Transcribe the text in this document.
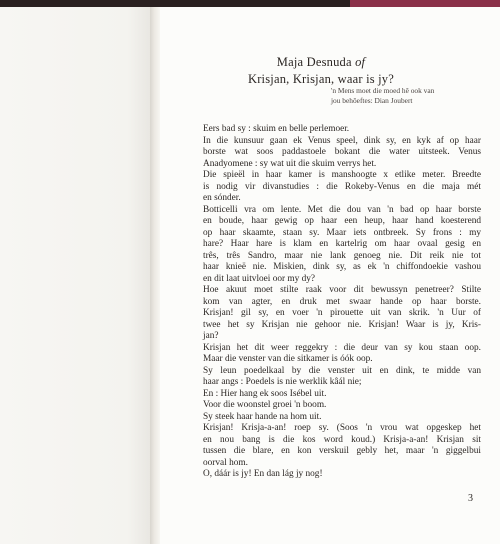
Maja Desnuda of
Krisjan, Krisjan, waar is jy?
'n Mens moet die moed hê ook van
jou behôeftes: Dian Joubert
Eers bad sy : skuim en belle perlemoer.
In die kunsuur gaan ek Venus speel, dink sy, en kyk af op haar
borste wat soos paddastoele bokant die water uitsteek. Venus
Anadyomene : sy wat uit die skuim verrys het.
Die spieël in haar kamer is manshoogte x etlike meter. Breedte
is nodig vir divanstudies : die Rokeby-Venus en die maja mét
en sónder.
Botticelli vra om lente. Met die dou van 'n bad op haar borste
en boude, haar gewig op haar een heup, haar hand koesterend
op haar skaamte, staan sy. Maar iets ontbreek. Sy frons : my
hare? Haar hare is klam en kartelrig om haar ovaal gesig en
três, três Sandro, maar nie lank genoeg nie. Dit reik nie tot
haar knieë nie. Miskien, dink sy, as ek 'n chiffondoekie vashou
en dit laat uitvloei oor my dy?
Hoe akuut moet stilte raak voor dit bewussyn penetreer? Stilte
kom van agter, en druk met swaar hande op haar borste.
Krisjan! gil sy, en voer 'n pirouette uit van skrik. 'n Uur of
twee het sy Krisjan nie gehoor nie. Krisjan! Waar is jy, Kris-
jan?
Krisjan het dit weer reggekry : die deur van sy kou staan oop.
Maar die venster van die sitkamer is óók oop.
Sy leun poedelkaal by die venster uit en dink, te midde van
haar angs : Poedels is nie werklik kâál nie;
En : Hier hang ek soos Isébel uit.
Voor die woonstel groei 'n boom.
Sy steek haar hande na hom uit.
Krisjan! Krisja-a-an! roep sy. (Soos 'n vrou wat opgeskep het
en nou bang is die kos word koud.) Krisja-a-an! Krisjan sit
tussen die blare, en kon verskuil gebly het, maar 'n giggelbui
oorval hom.
O, dáár is jy! En dan lág jy nog!
3
